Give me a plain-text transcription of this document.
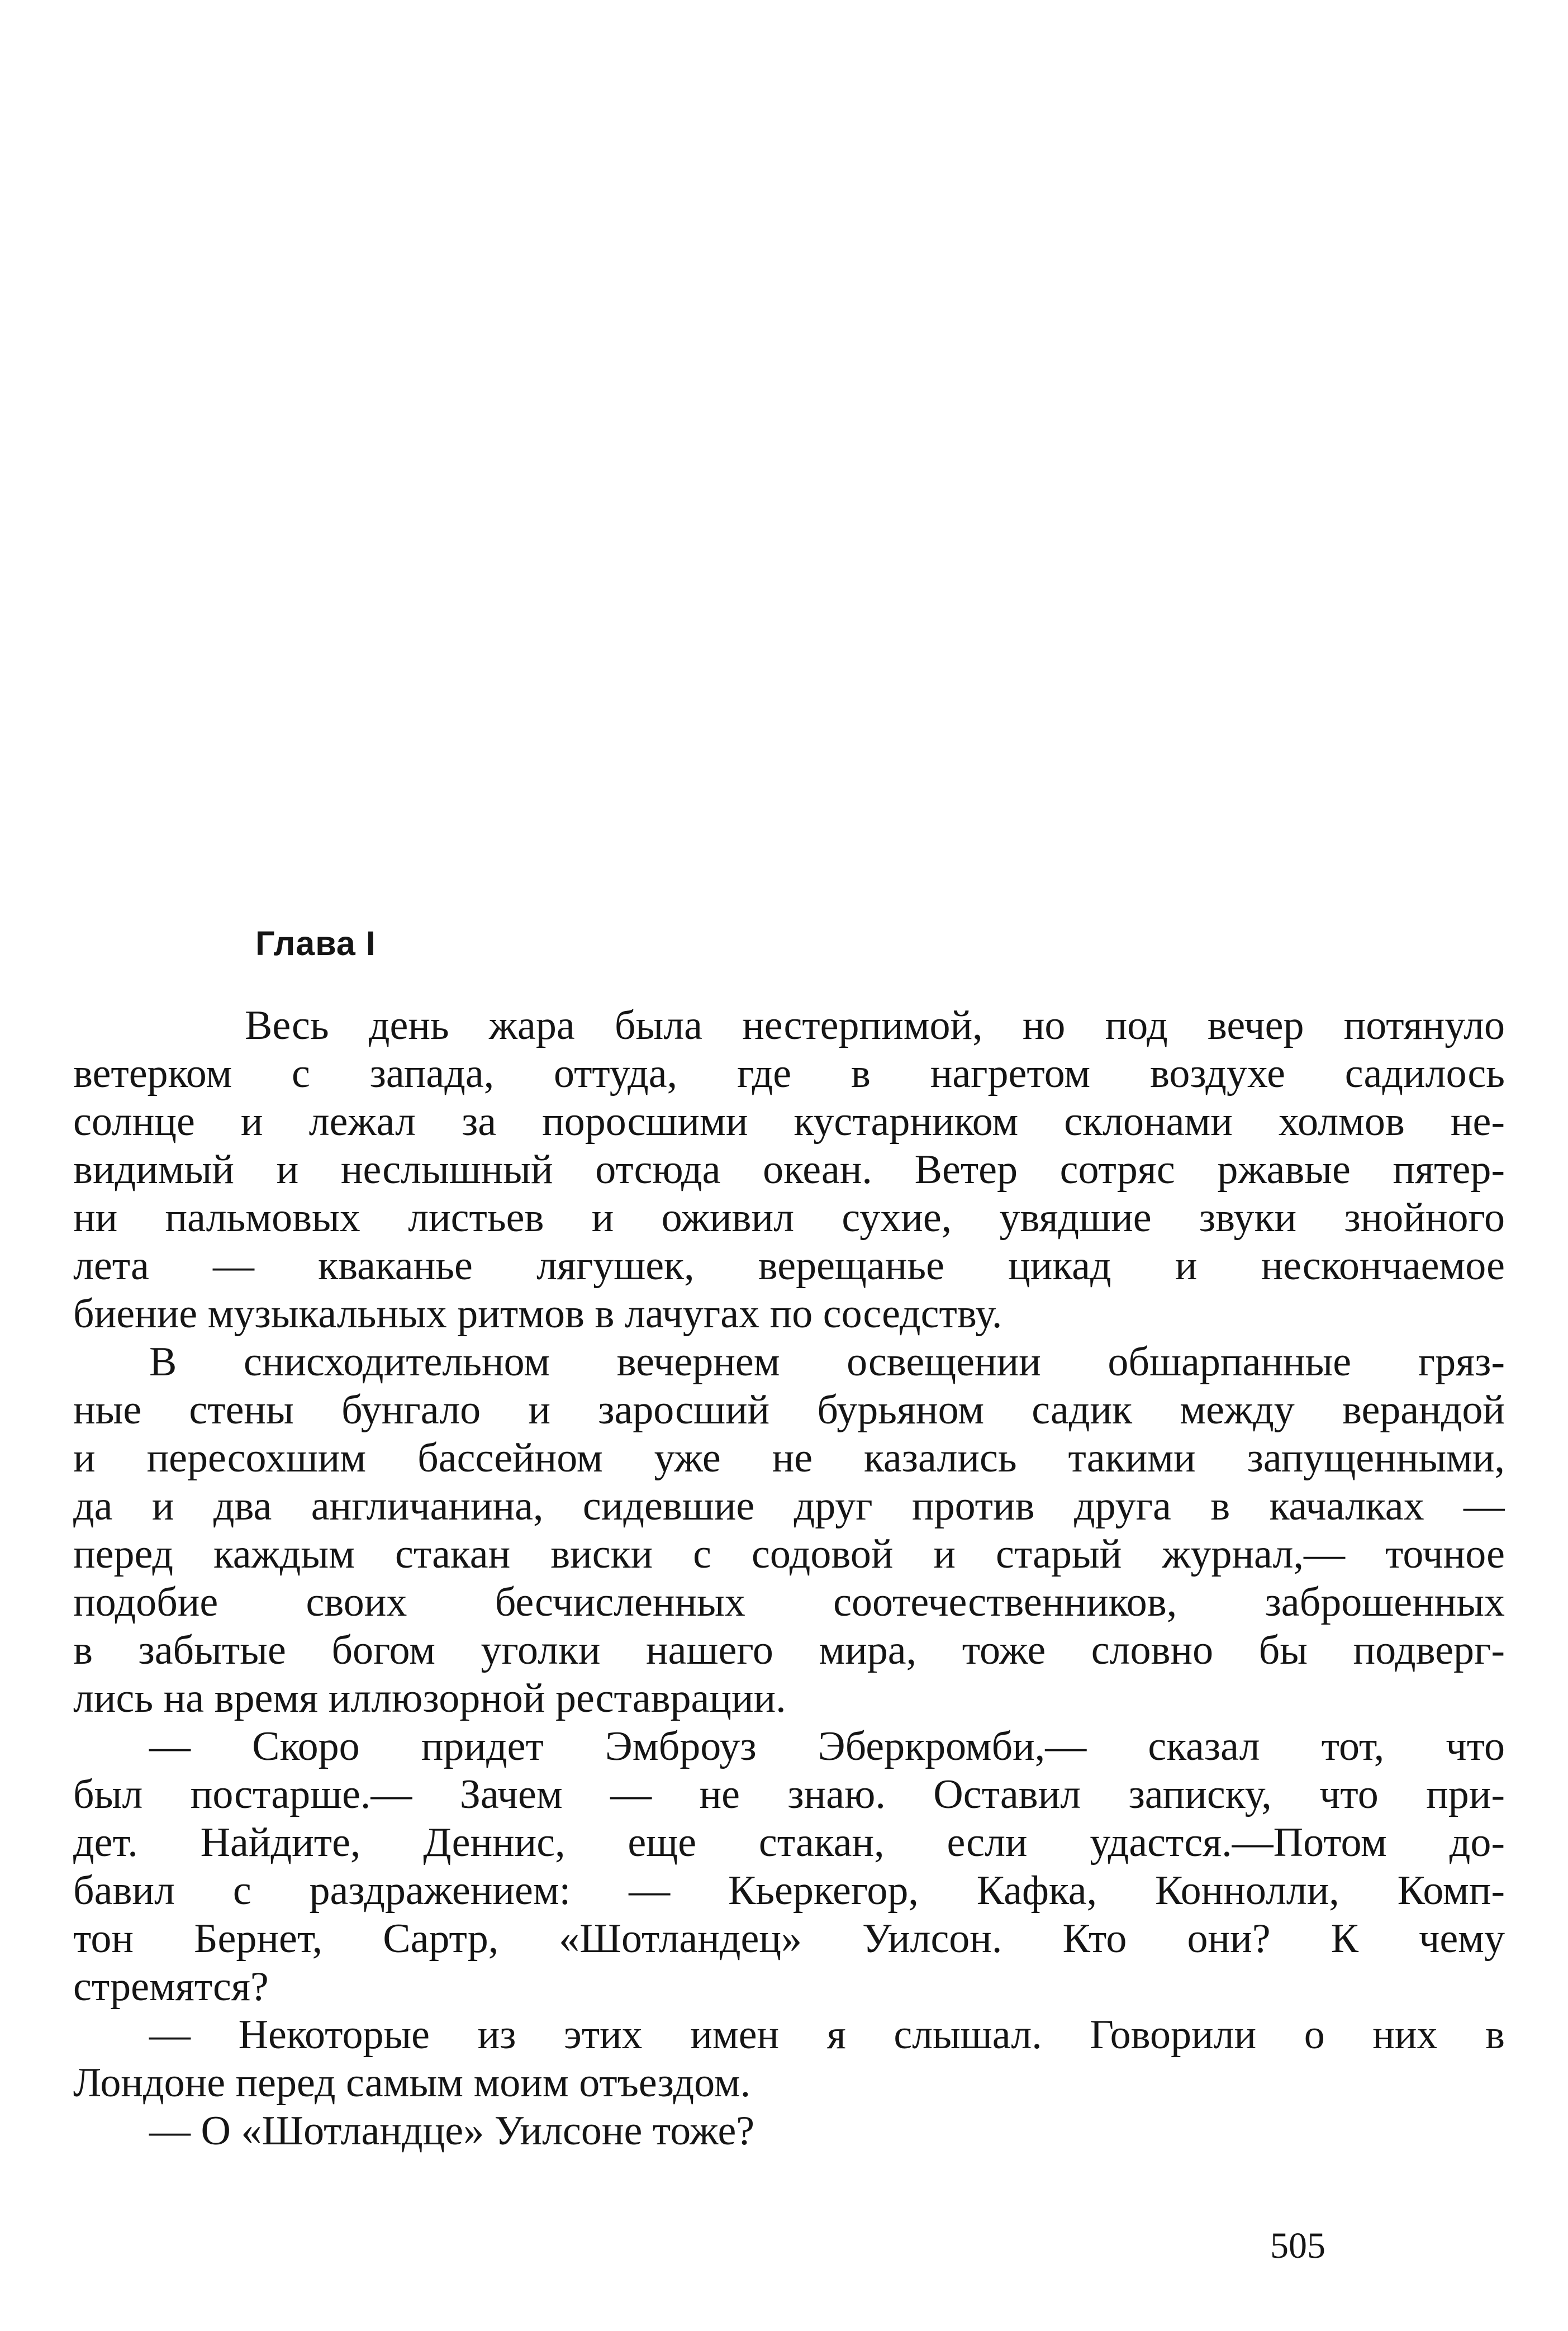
Глава I
Весь день жара была нестерпимой, но под вечер потянуло
ветерком с запада, оттуда, где в нагретом воздухе садилось
солнце и лежал за поросшими кустарником склонами холмов не-
видимый и неслышный отсюда океан. Ветер сотряс ржавые пятер-
ни пальмовых листьев и оживил сухие, увядшие звуки знойного
лета — кваканье лягушек, верещанье цикад и нескончаемое
биение музыкальных ритмов в лачугах по соседству.
В снисходительном вечернем освещении обшарпанные гряз-
ные стены бунгало и заросший бурьяном садик между верандой
и пересохшим бассейном уже не казались такими запущенными,
да и два англичанина, сидевшие друг против друга в качалках —
перед каждым стакан виски с содовой и старый журнал,— точное
подобие своих бесчисленных соотечественников, заброшенных
в забытые богом уголки нашего мира, тоже словно бы подверг-
лись на время иллюзорной реставрации.
— Скоро придет Эмброуз Эберкромби,— сказал тот, что
был постарше.— Зачем — не знаю. Оставил записку, что при-
дет. Найдите, Деннис, еще стакан, если удастся.—Потом до-
бавил с раздражением: — Кьеркегор, Кафка, Коннолли, Комп-
тон Бернет, Сартр, «Шотландец» Уилсон. Кто они? К чему
стремятся?
— Некоторые из этих имен я слышал. Говорили о них в
Лондоне перед самым моим отъездом.
— О «Шотландце» Уилсоне тоже?
505
